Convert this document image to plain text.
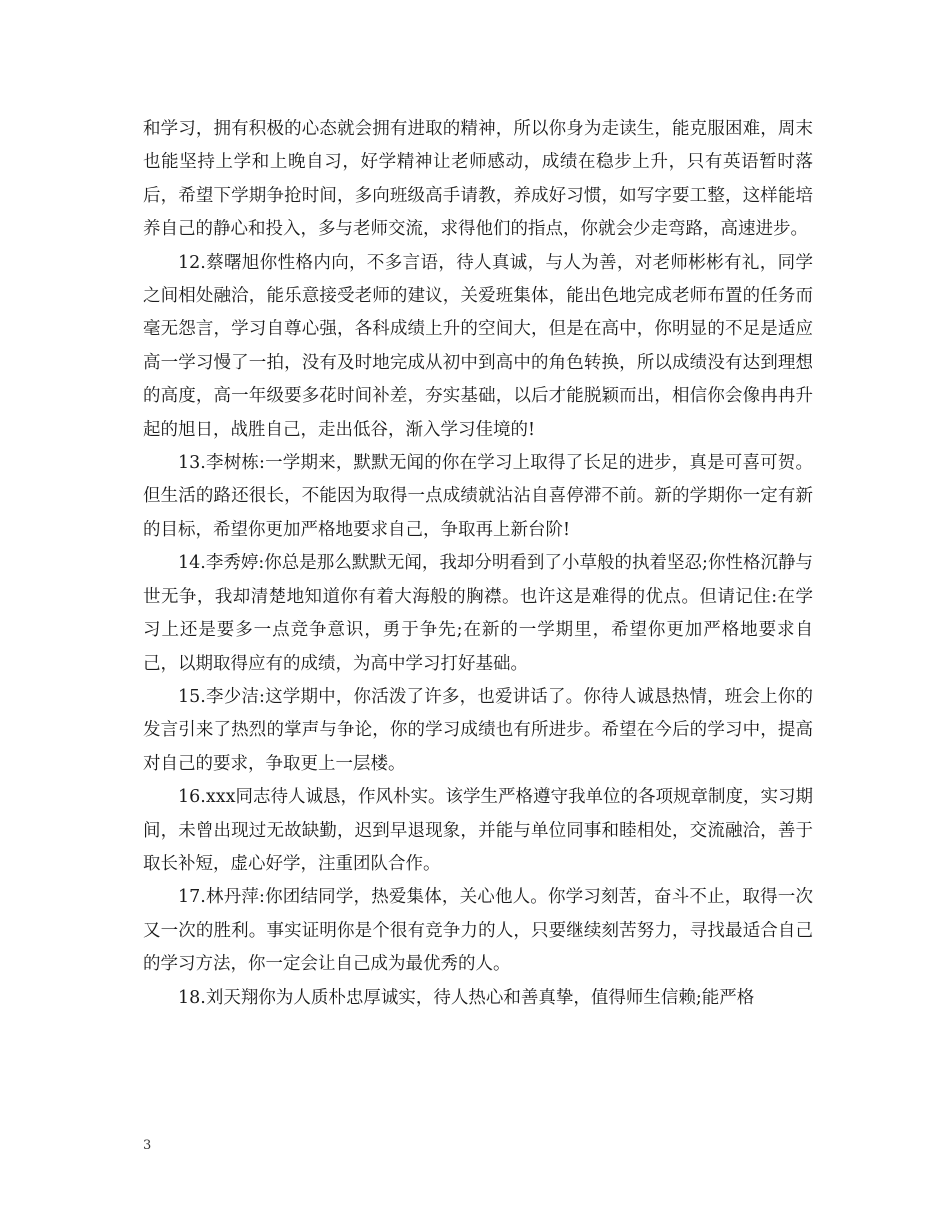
和学习，拥有积极的心态就会拥有进取的精神，所以你身为走读生，能克服困难，周末也能坚持上学和上晚自习，好学精神让老师感动，成绩在稳步上升，只有英语暂时落后，希望下学期争抢时间，多向班级高手请教，养成好习惯，如写字要工整，这样能培养自己的静心和投入，多与老师交流，求得他们的指点，你就会少走弯路，高速进步。

12.蔡曙旭你性格内向，不多言语，待人真诚，与人为善，对老师彬彬有礼，同学之间相处融洽，能乐意接受老师的建议，关爱班集体，能出色地完成老师布置的任务而毫无怨言，学习自尊心强，各科成绩上升的空间大，但是在高中，你明显的不足是适应高一学习慢了一拍，没有及时地完成从初中到高中的角色转换，所以成绩没有达到理想的高度，高一年级要多花时间补差，夯实基础，以后才能脱颖而出，相信你会像冉冉升起的旭日，战胜自己，走出低谷，渐入学习佳境的!

13.李树栋:一学期来，默默无闻的你在学习上取得了长足的进步，真是可喜可贺。但生活的路还很长，不能因为取得一点成绩就沾沾自喜停滞不前。新的学期你一定有新的目标，希望你更加严格地要求自己，争取再上新台阶!

14.李秀婷:你总是那么默默无闻，我却分明看到了小草般的执着坚忍;你性格沉静与世无争，我却清楚地知道你有着大海般的胸襟。也许这是难得的优点。但请记住:在学习上还是要多一点竞争意识，勇于争先;在新的一学期里，希望你更加严格地要求自己，以期取得应有的成绩，为高中学习打好基础。

15.李少洁:这学期中，你活泼了许多，也爱讲话了。你待人诚恳热情，班会上你的发言引来了热烈的掌声与争论，你的学习成绩也有所进步。希望在今后的学习中，提高对自己的要求，争取更上一层楼。

16.xxx同志待人诚恳，作风朴实。该学生严格遵守我单位的各项规章制度，实习期间，未曾出现过无故缺勤，迟到早退现象，并能与单位同事和睦相处，交流融洽，善于取长补短，虚心好学，注重团队合作。

17.林丹萍:你团结同学，热爱集体，关心他人。你学习刻苦，奋斗不止，取得一次又一次的胜利。事实证明你是个很有竞争力的人，只要继续刻苦努力，寻找最适合自己的学习方法，你一定会让自己成为最优秀的人。

18.刘天翔你为人质朴忠厚诚实，待人热心和善真挚，值得师生信赖;能严格

3
